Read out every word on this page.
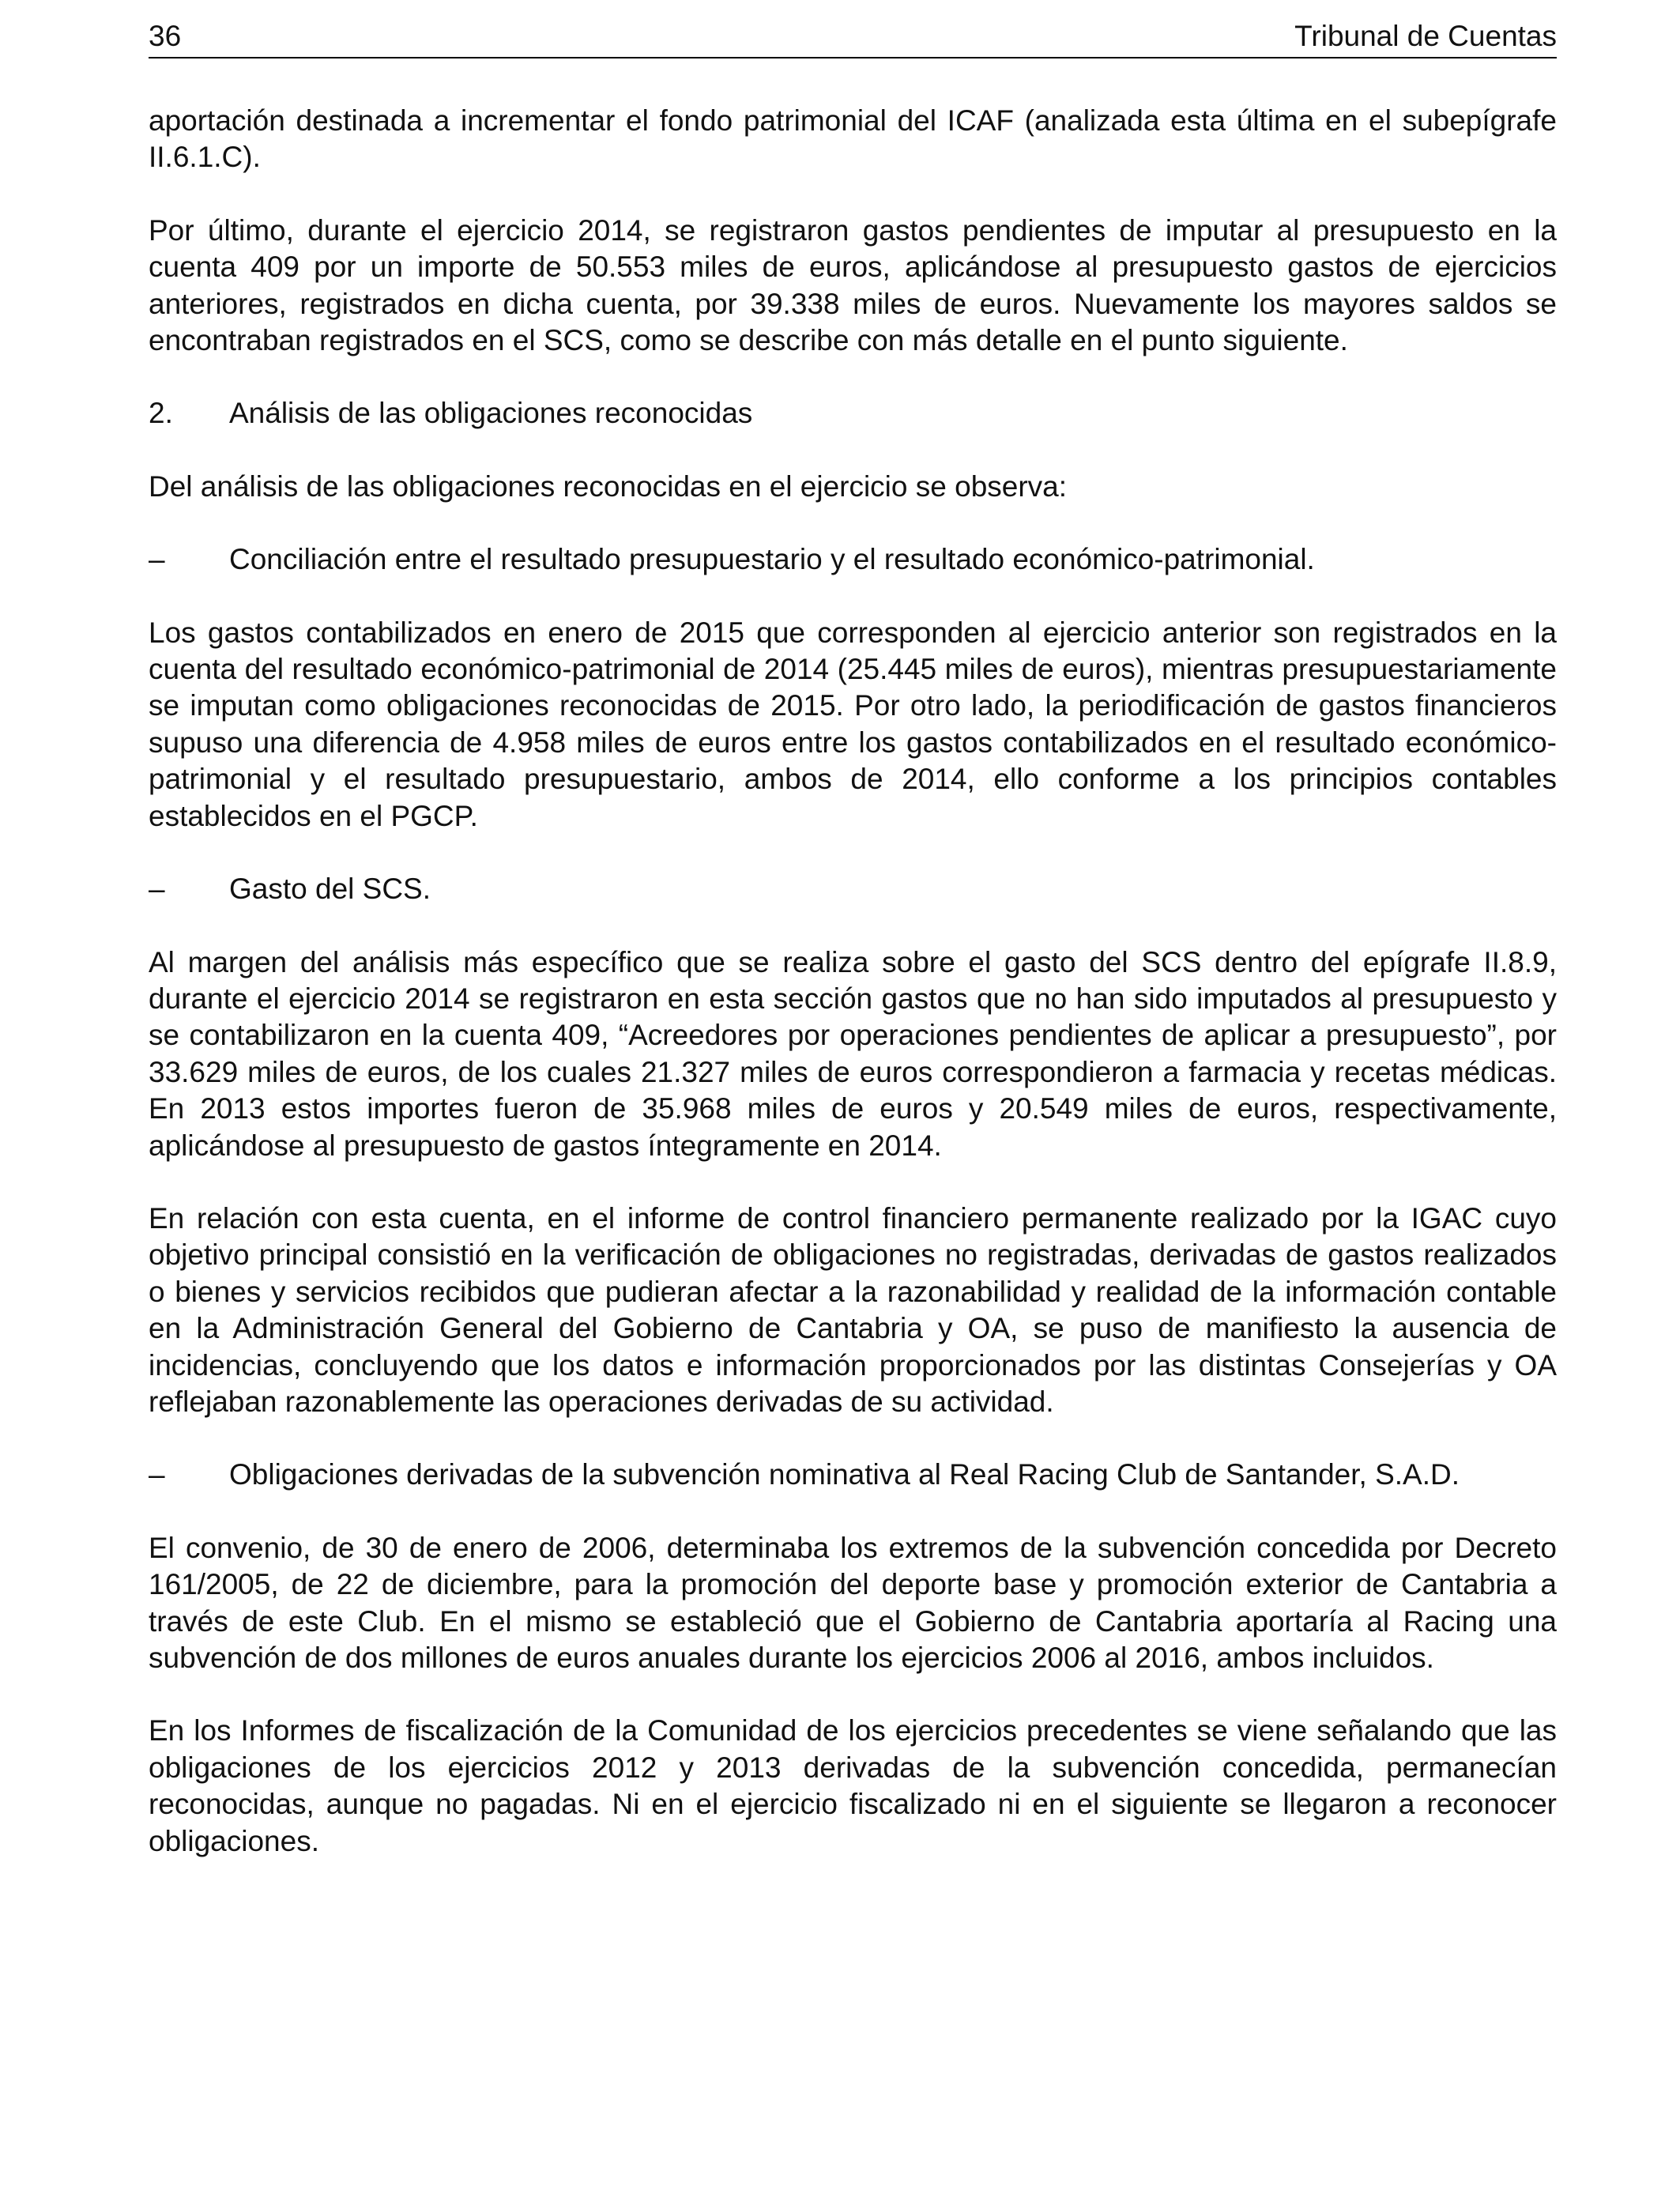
36	Tribunal de Cuentas

aportación destinada a incrementar el fondo patrimonial del ICAF (analizada esta última en el subepígrafe II.6.1.C).

Por último, durante el ejercicio 2014, se registraron gastos pendientes de imputar al presupuesto en la cuenta 409 por un importe de 50.553 miles de euros, aplicándose al presupuesto gastos de ejercicios anteriores, registrados en dicha cuenta, por 39.338 miles de euros. Nuevamente los mayores saldos se encontraban registrados en el SCS, como se describe con más detalle en el punto siguiente.

2.	Análisis de las obligaciones reconocidas

Del análisis de las obligaciones reconocidas en el ejercicio se observa:

–	Conciliación entre el resultado presupuestario y el resultado económico-patrimonial.

Los gastos contabilizados en enero de 2015 que corresponden al ejercicio anterior son registrados en la cuenta del resultado económico-patrimonial de 2014 (25.445 miles de euros), mientras presupuestariamente se imputan como obligaciones reconocidas de 2015. Por otro lado, la periodificación de gastos financieros supuso una diferencia de 4.958 miles de euros entre los gastos contabilizados en el resultado económico-patrimonial y el resultado presupuestario, ambos de 2014, ello conforme a los principios contables establecidos en el PGCP.

–	Gasto del SCS.

Al margen del análisis más específico que se realiza sobre el gasto del SCS dentro del epígrafe II.8.9, durante el ejercicio 2014 se registraron en esta sección gastos que no han sido imputados al presupuesto y se contabilizaron en la cuenta 409, “Acreedores por operaciones pendientes de aplicar a presupuesto”, por 33.629 miles de euros, de los cuales 21.327 miles de euros correspondieron a farmacia y recetas médicas. En 2013 estos importes fueron de 35.968 miles de euros y 20.549 miles de euros, respectivamente, aplicándose al presupuesto de gastos íntegramente en 2014.

En relación con esta cuenta, en el informe de control financiero permanente realizado por la IGAC cuyo objetivo principal consistió en la verificación de obligaciones no registradas, derivadas de gastos realizados o bienes y servicios recibidos que pudieran afectar a la razonabilidad y realidad de la información contable en la Administración General del Gobierno de Cantabria y OA, se puso de manifiesto la ausencia de incidencias, concluyendo que los datos e información proporcionados por las distintas Consejerías y OA reflejaban razonablemente las operaciones derivadas de su actividad.

– Obligaciones derivadas de la subvención nominativa al Real Racing Club de Santander, S.A.D.

El convenio, de 30 de enero de 2006, determinaba los extremos de la subvención concedida por Decreto 161/2005, de 22 de diciembre, para la promoción del deporte base y promoción exterior de Cantabria a través de este Club. En el mismo se estableció que el Gobierno de Cantabria aportaría al Racing una subvención de dos millones de euros anuales durante los ejercicios 2006 al 2016, ambos incluidos.

En los Informes de fiscalización de la Comunidad de los ejercicios precedentes se viene señalando que las obligaciones de los ejercicios 2012 y 2013 derivadas de la subvención concedida, permanecían reconocidas, aunque no pagadas. Ni en el ejercicio fiscalizado ni en el siguiente se llegaron a reconocer obligaciones.
